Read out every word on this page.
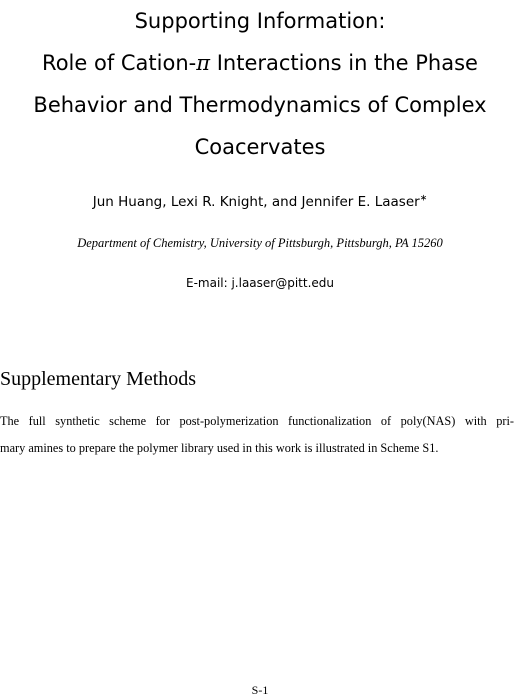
Supporting Information:
Role of Cation-π Interactions in the Phase
Behavior and Thermodynamics of Complex
Coacervates
Jun Huang, Lexi R. Knight, and Jennifer E. Laaser∗
Department of Chemistry, University of Pittsburgh, Pittsburgh, PA 15260
E-mail: j.laaser@pitt.edu
Supplementary Methods
The full synthetic scheme for post-polymerization functionalization of poly(NAS) with pri-
mary amines to prepare the polymer library used in this work is illustrated in Scheme S1.
S-1
